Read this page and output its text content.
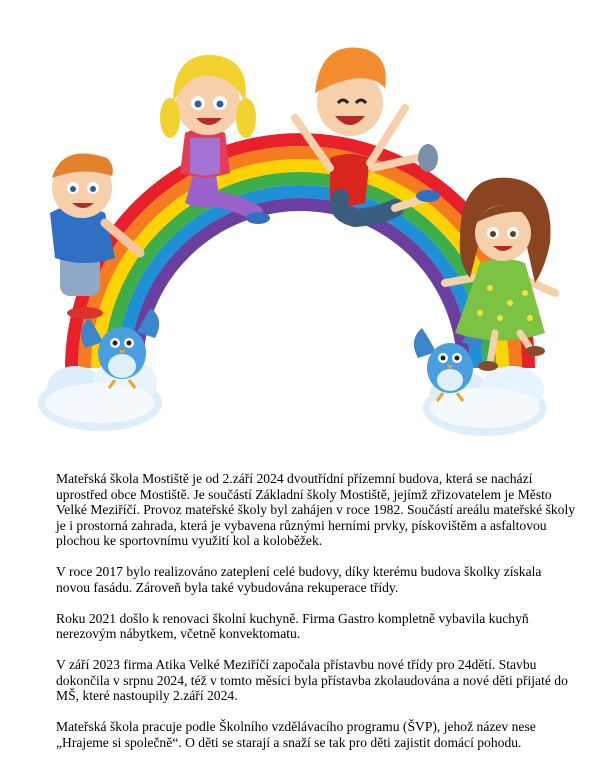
Mateřská škola Mostiště je od 2.září 2024 dvoutřídní přízemní budova, která se nachází uprostřed obce Mostiště. Je součástí Základní školy Mostiště, jejímž zřizovatelem je Město Velké Meziříčí. Provoz mateřské školy byl zahájen v roce 1982. Součástí areálu mateřské školy je i prostorná zahrada, která je vybavena různými herními prvky, pískovištěm a asfaltovou plochou ke sportovnímu využití kol a koloběžek.

V roce 2017 bylo realizováno zateplení celé budovy, díky kterému budova školky získala novou fasádu. Zároveň byla také vybudována rekuperace třídy.

Roku 2021 došlo k renovaci školní kuchyně. Firma Gastro kompletně vybavila kuchyň nerezovým nábytkem, včetně konvektomatu.

V září 2023 firma Atika Velké Meziříčí započala přístavbu nové třídy pro 24dětí. Stavbu dokončila v srpnu 2024, též v tomto měsíci byla přístavba zkolaudována a nové děti přijaté do MŠ, které nastoupily 2.září 2024.

Mateřská škola pracuje podle Školního vzdělávacího programu (ŠVP), jehož název nese „Hrajeme si společně“. O děti se starají a snaží se tak pro děti zajistit domácí pohodu.
